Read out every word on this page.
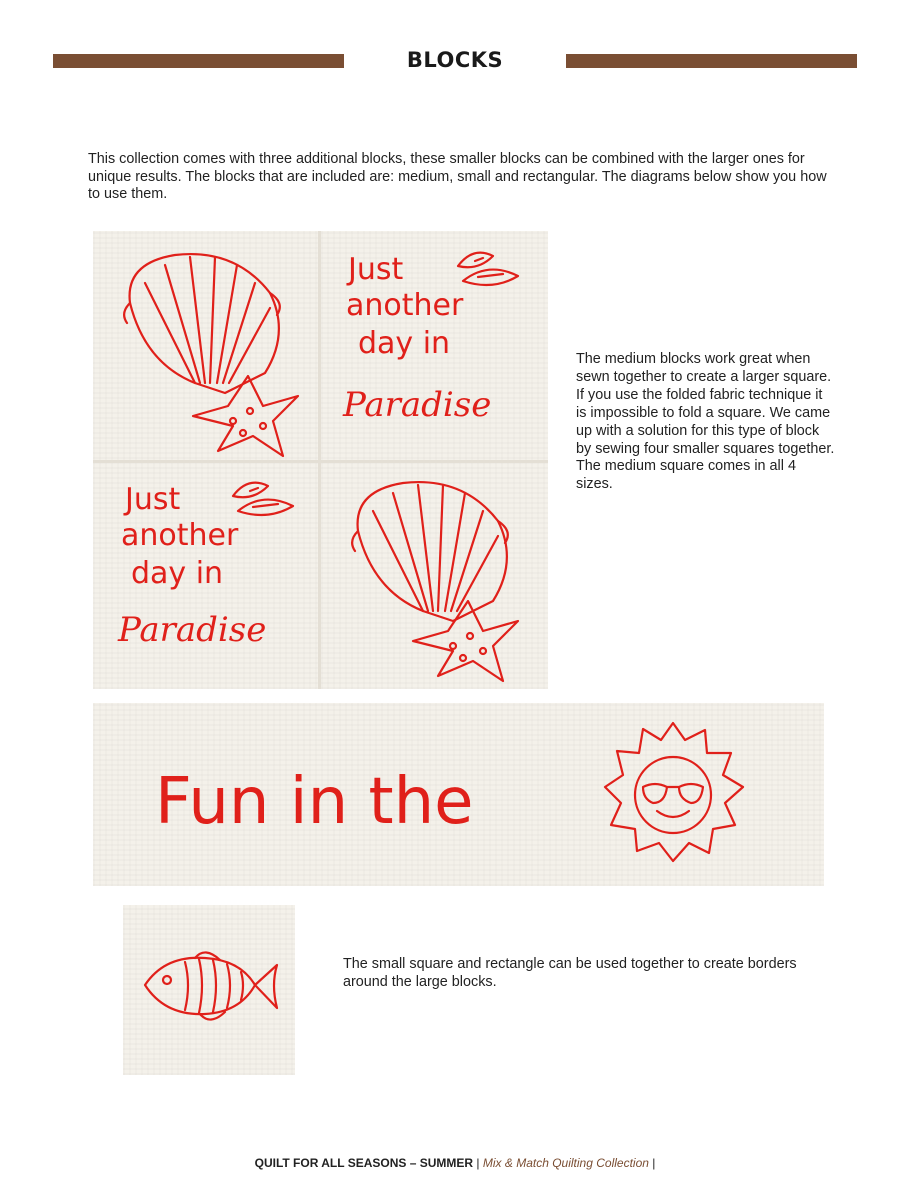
BLOCKS
This collection comes with three additional blocks, these smaller blocks can be combined with the larger ones for unique results. The blocks that are included are: medium, small and rectangular. The diagrams below show you how to use them.
Just
another
day in
Paradise
Just
another
day in
Paradise
The medium blocks work great when sewn together to create a larger square. If you use the folded fabric technique it is impossible to fold a square. We came up with a solution for this type of block by sewing four smaller squares together. The medium square comes in all 4 sizes.
Fun in the
The small square and rectangle can be used together to create borders around the large blocks.
QUILT FOR ALL SEASONS – SUMMER | Mix & Match Quilting Collection |
